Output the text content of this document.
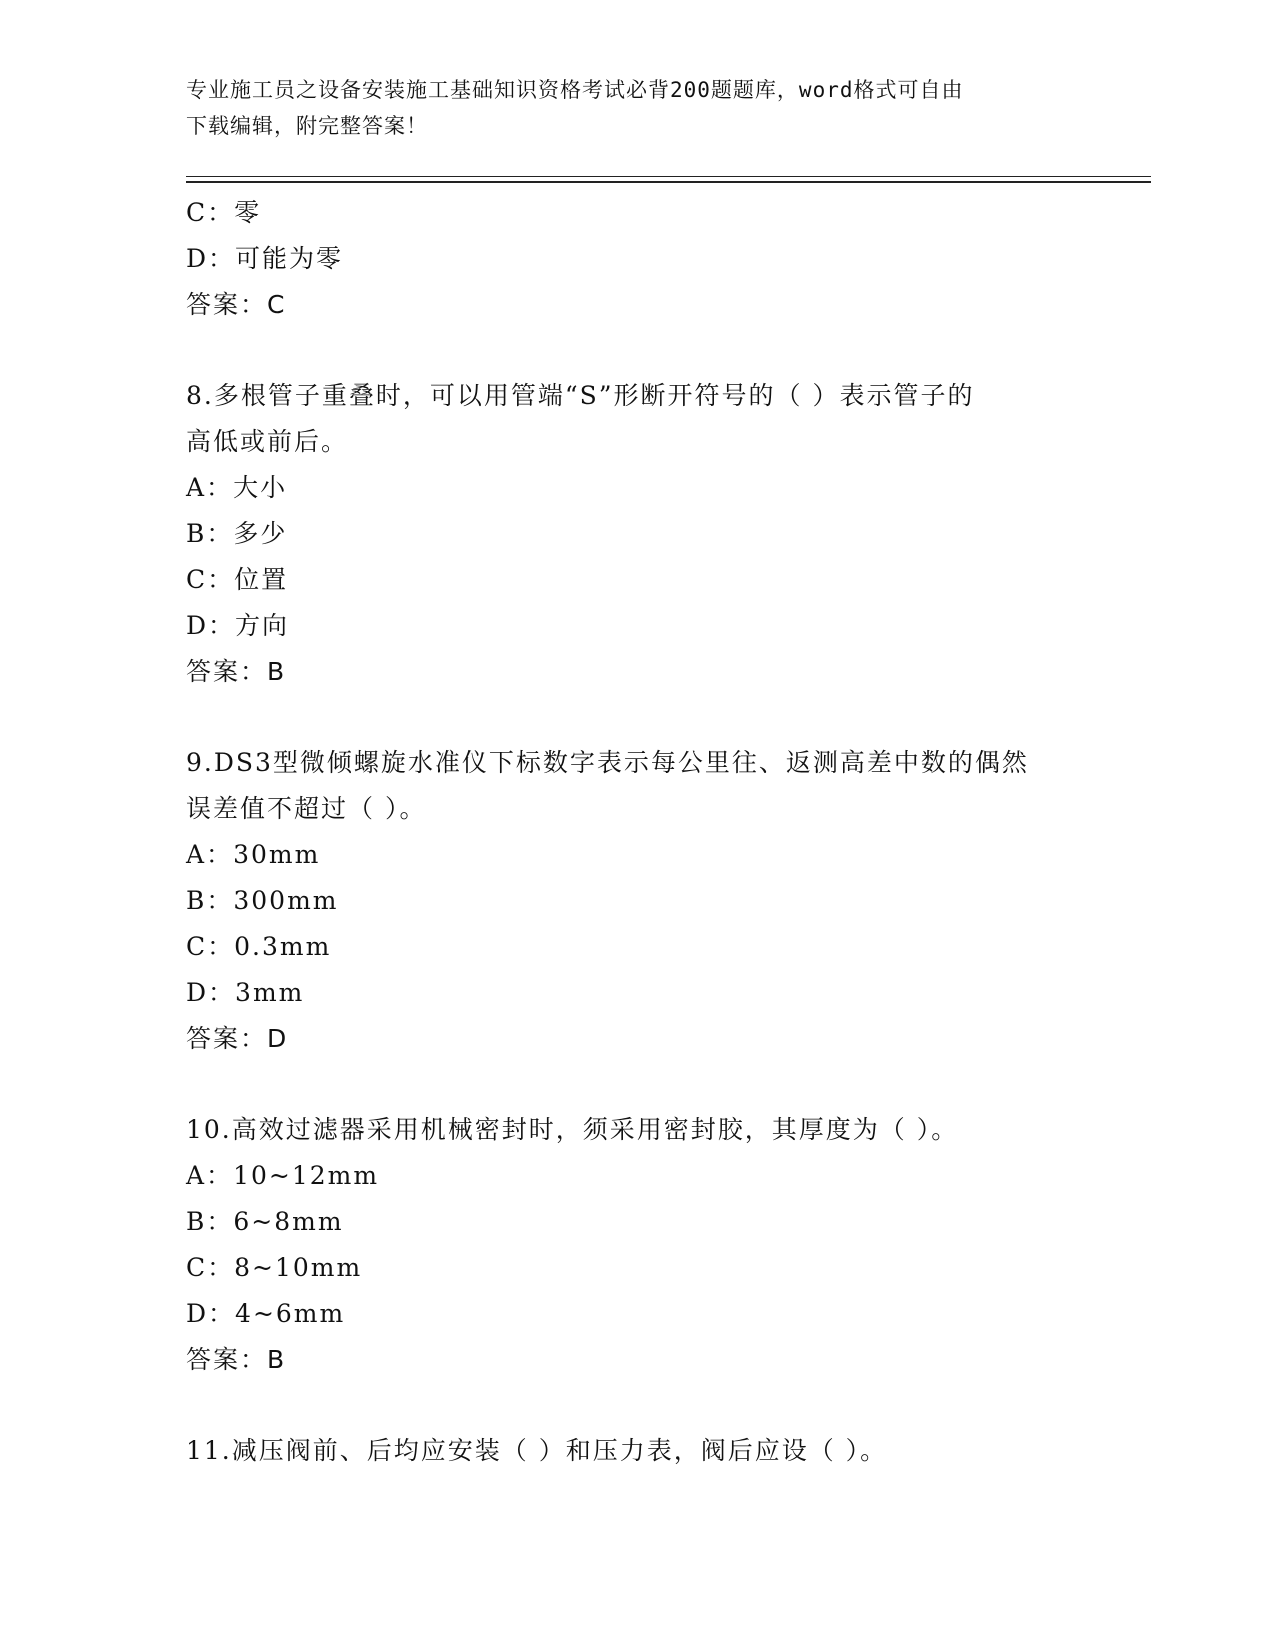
专业施工员之设备安装施工基础知识资格考试必背200题题库，word格式可自由
下载编辑，附完整答案！
C：零
D：可能为零
答案：C
8.多根管子重叠时，可以用管端“S”形断开符号的（ ）表示管子的
高低或前后。
A：大小
B：多少
C：位置
D：方向
答案：B
9.DS3型微倾螺旋水准仪下标数字表示每公里往、返测高差中数的偶然
误差值不超过（ ）。
A：30mm
B：300mm
C：0.3mm
D：3mm
答案：D
10.高效过滤器采用机械密封时，须采用密封胶，其厚度为（ ）。
A：10~12mm
B：6~8mm
C：8~10mm
D：4~6mm
答案：B
11.减压阀前、后均应安装（ ）和压力表，阀后应设（ ）。
